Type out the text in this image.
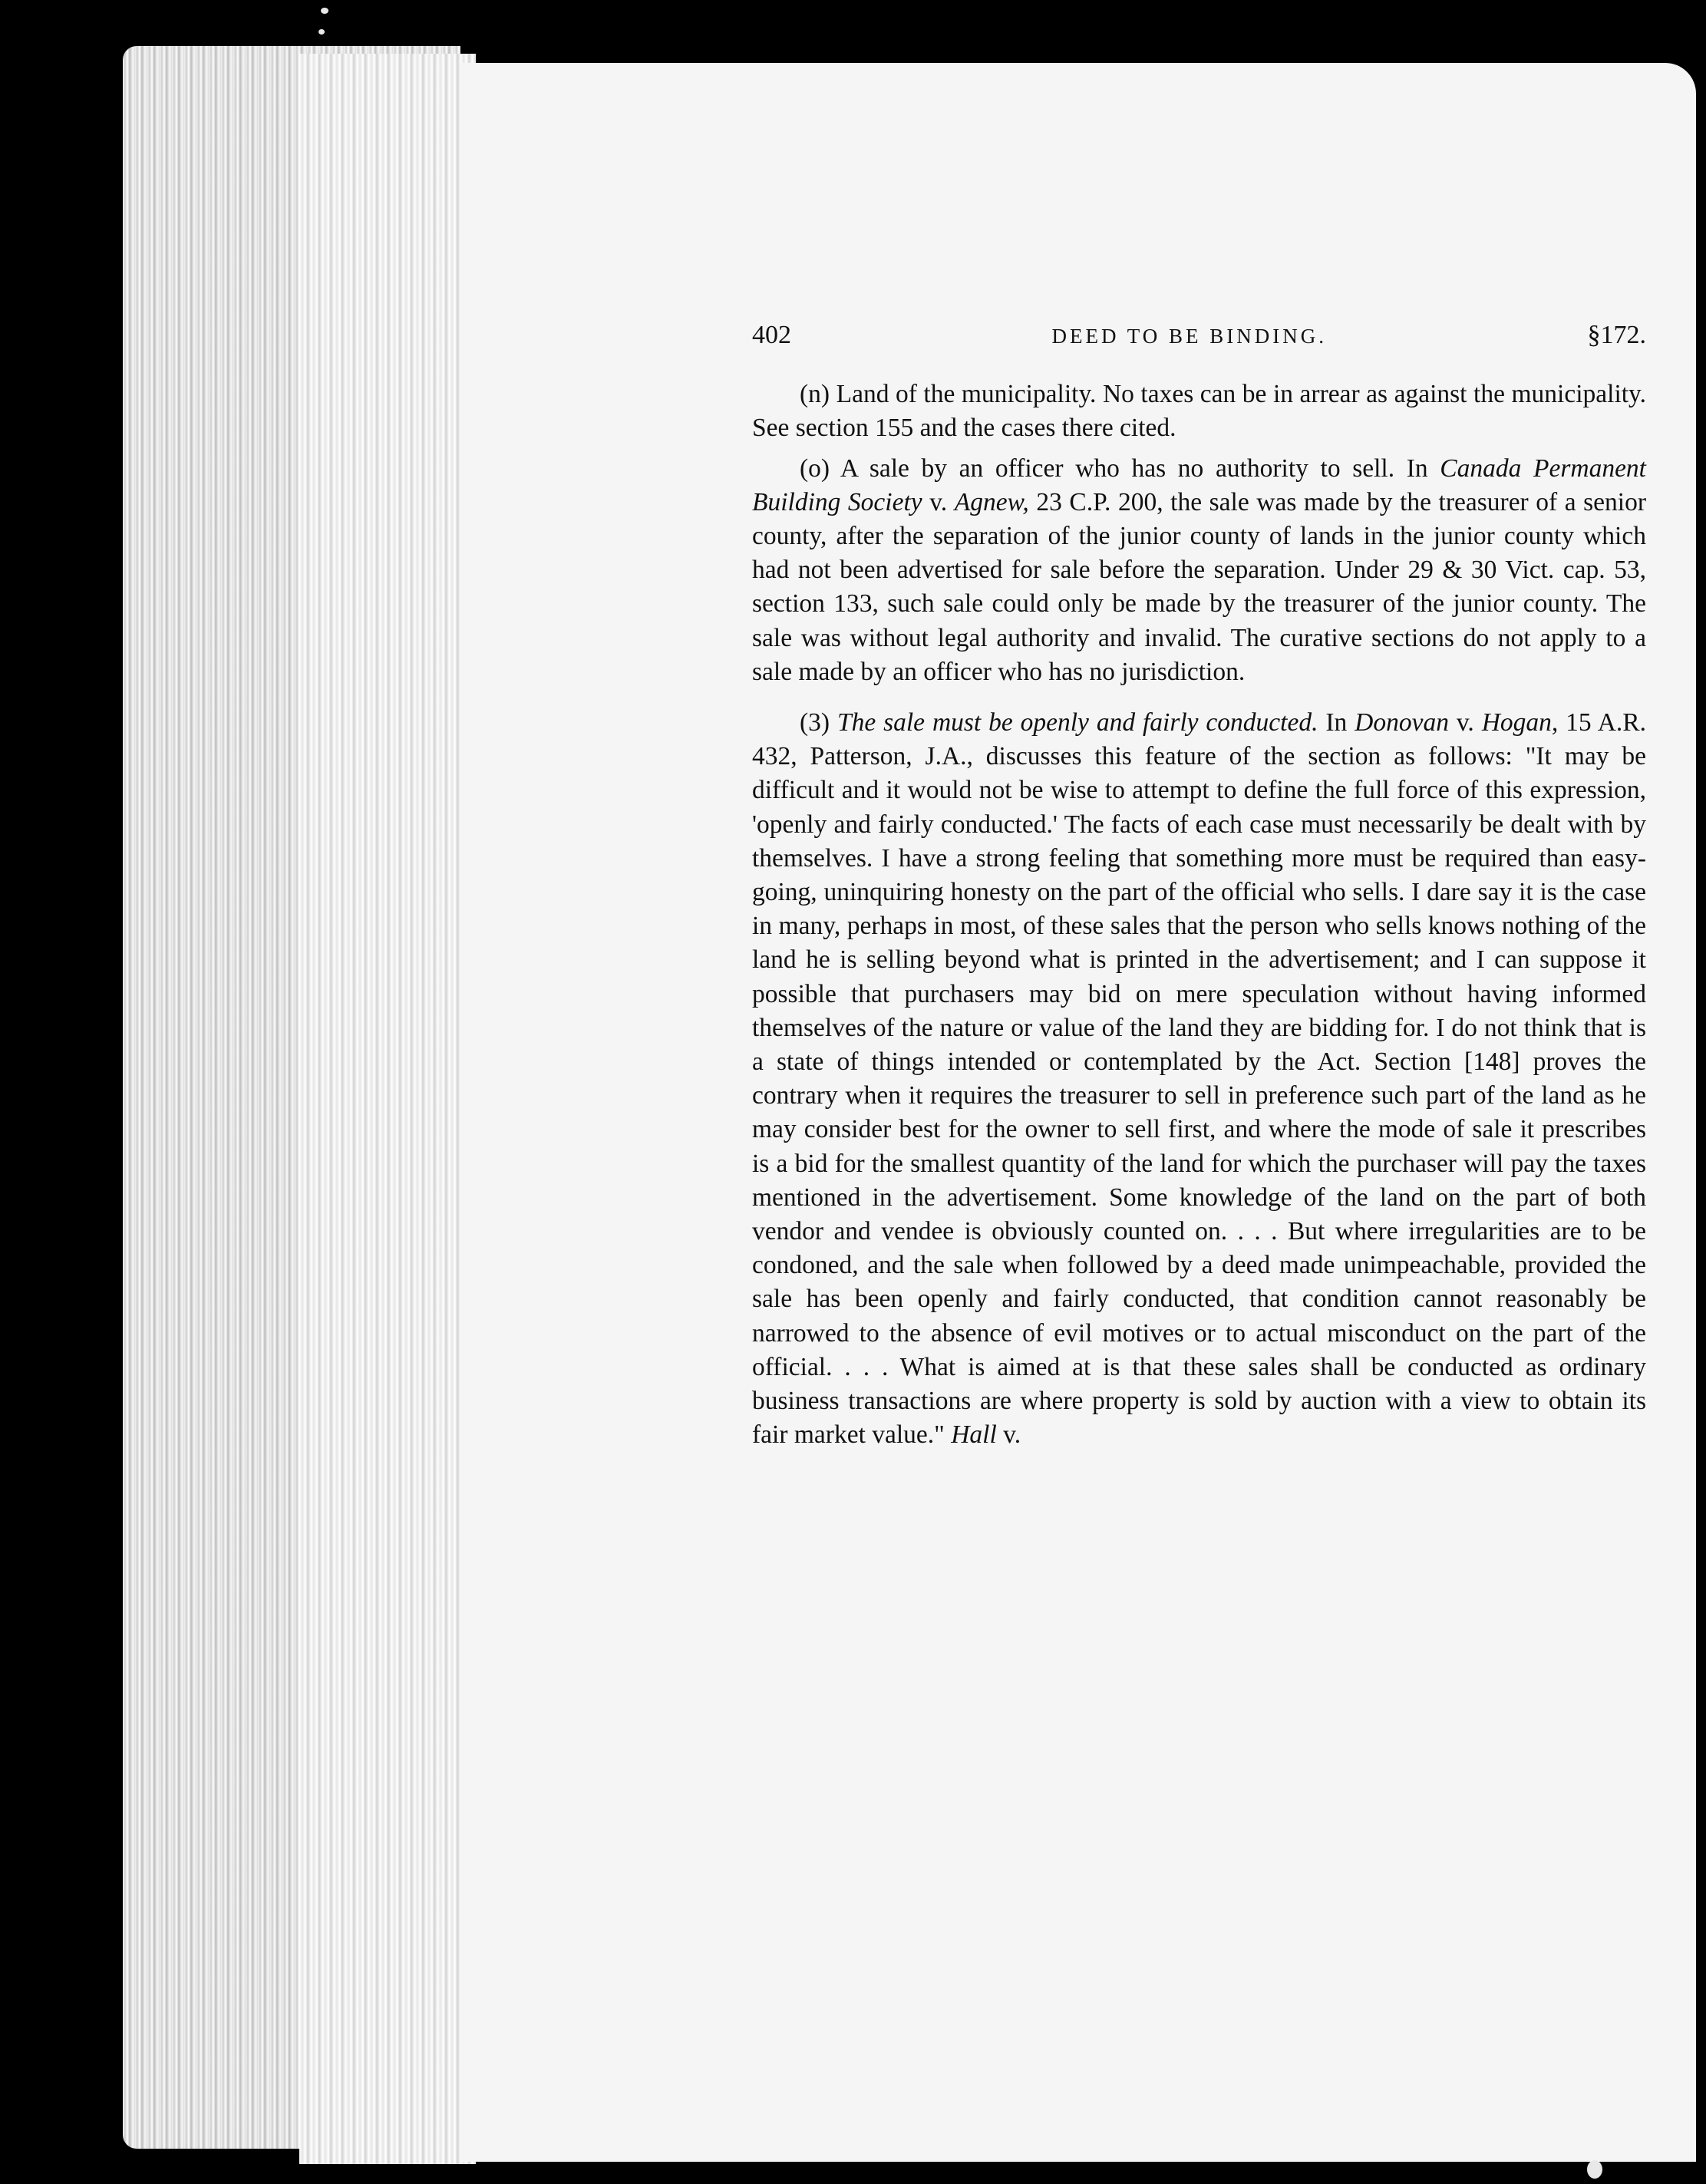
402	DEED TO BE BINDING.	§172.

(n) Land of the municipality. No taxes can be in arrear as against the municipality. See section 155 and the cases there cited.

(o) A sale by an officer who has no authority to sell. In Canada Permanent Building Society v. Agnew, 23 C.P. 200, the sale was made by the treasurer of a senior county, after the separation of the junior county of lands in the junior county which had not been advertised for sale before the separation. Under 29 & 30 Vict. cap. 53, section 133, such sale could only be made by the treasurer of the junior county. The sale was without legal authority and invalid. The curative sections do not apply to a sale made by an officer who has no jurisdiction.

(3) The sale must be openly and fairly conducted. In Donovan v. Hogan, 15 A.R. 432, Patterson, J.A., discusses this feature of the section as follows: "It may be difficult and it would not be wise to attempt to define the full force of this expression, 'openly and fairly conducted.' The facts of each case must necessarily be dealt with by themselves. I have a strong feeling that something more must be required than easy-going, uninquiring honesty on the part of the official who sells. I dare say it is the case in many, perhaps in most, of these sales that the person who sells knows nothing of the land he is selling beyond what is printed in the advertisement; and I can suppose it possible that purchasers may bid on mere speculation without having informed themselves of the nature or value of the land they are bidding for. I do not think that is a state of things intended or contemplated by the Act. Section [148] proves the contrary when it requires the treasurer to sell in preference such part of the land as he may consider best for the owner to sell first, and where the mode of sale it prescribes is a bid for the smallest quantity of the land for which the purchaser will pay the taxes mentioned in the advertisement. Some knowledge of the land on the part of both vendor and vendee is obviously counted on. . . . But where irregularities are to be condoned, and the sale when followed by a deed made unimpeachable, provided the sale has been openly and fairly conducted, that condition cannot reasonably be narrowed to the absence of evil motives or to actual misconduct on the part of the official. . . . What is aimed at is that these sales shall be conducted as ordinary business transactions are where property is sold by auction with a view to obtain its fair market value." Hall v.
